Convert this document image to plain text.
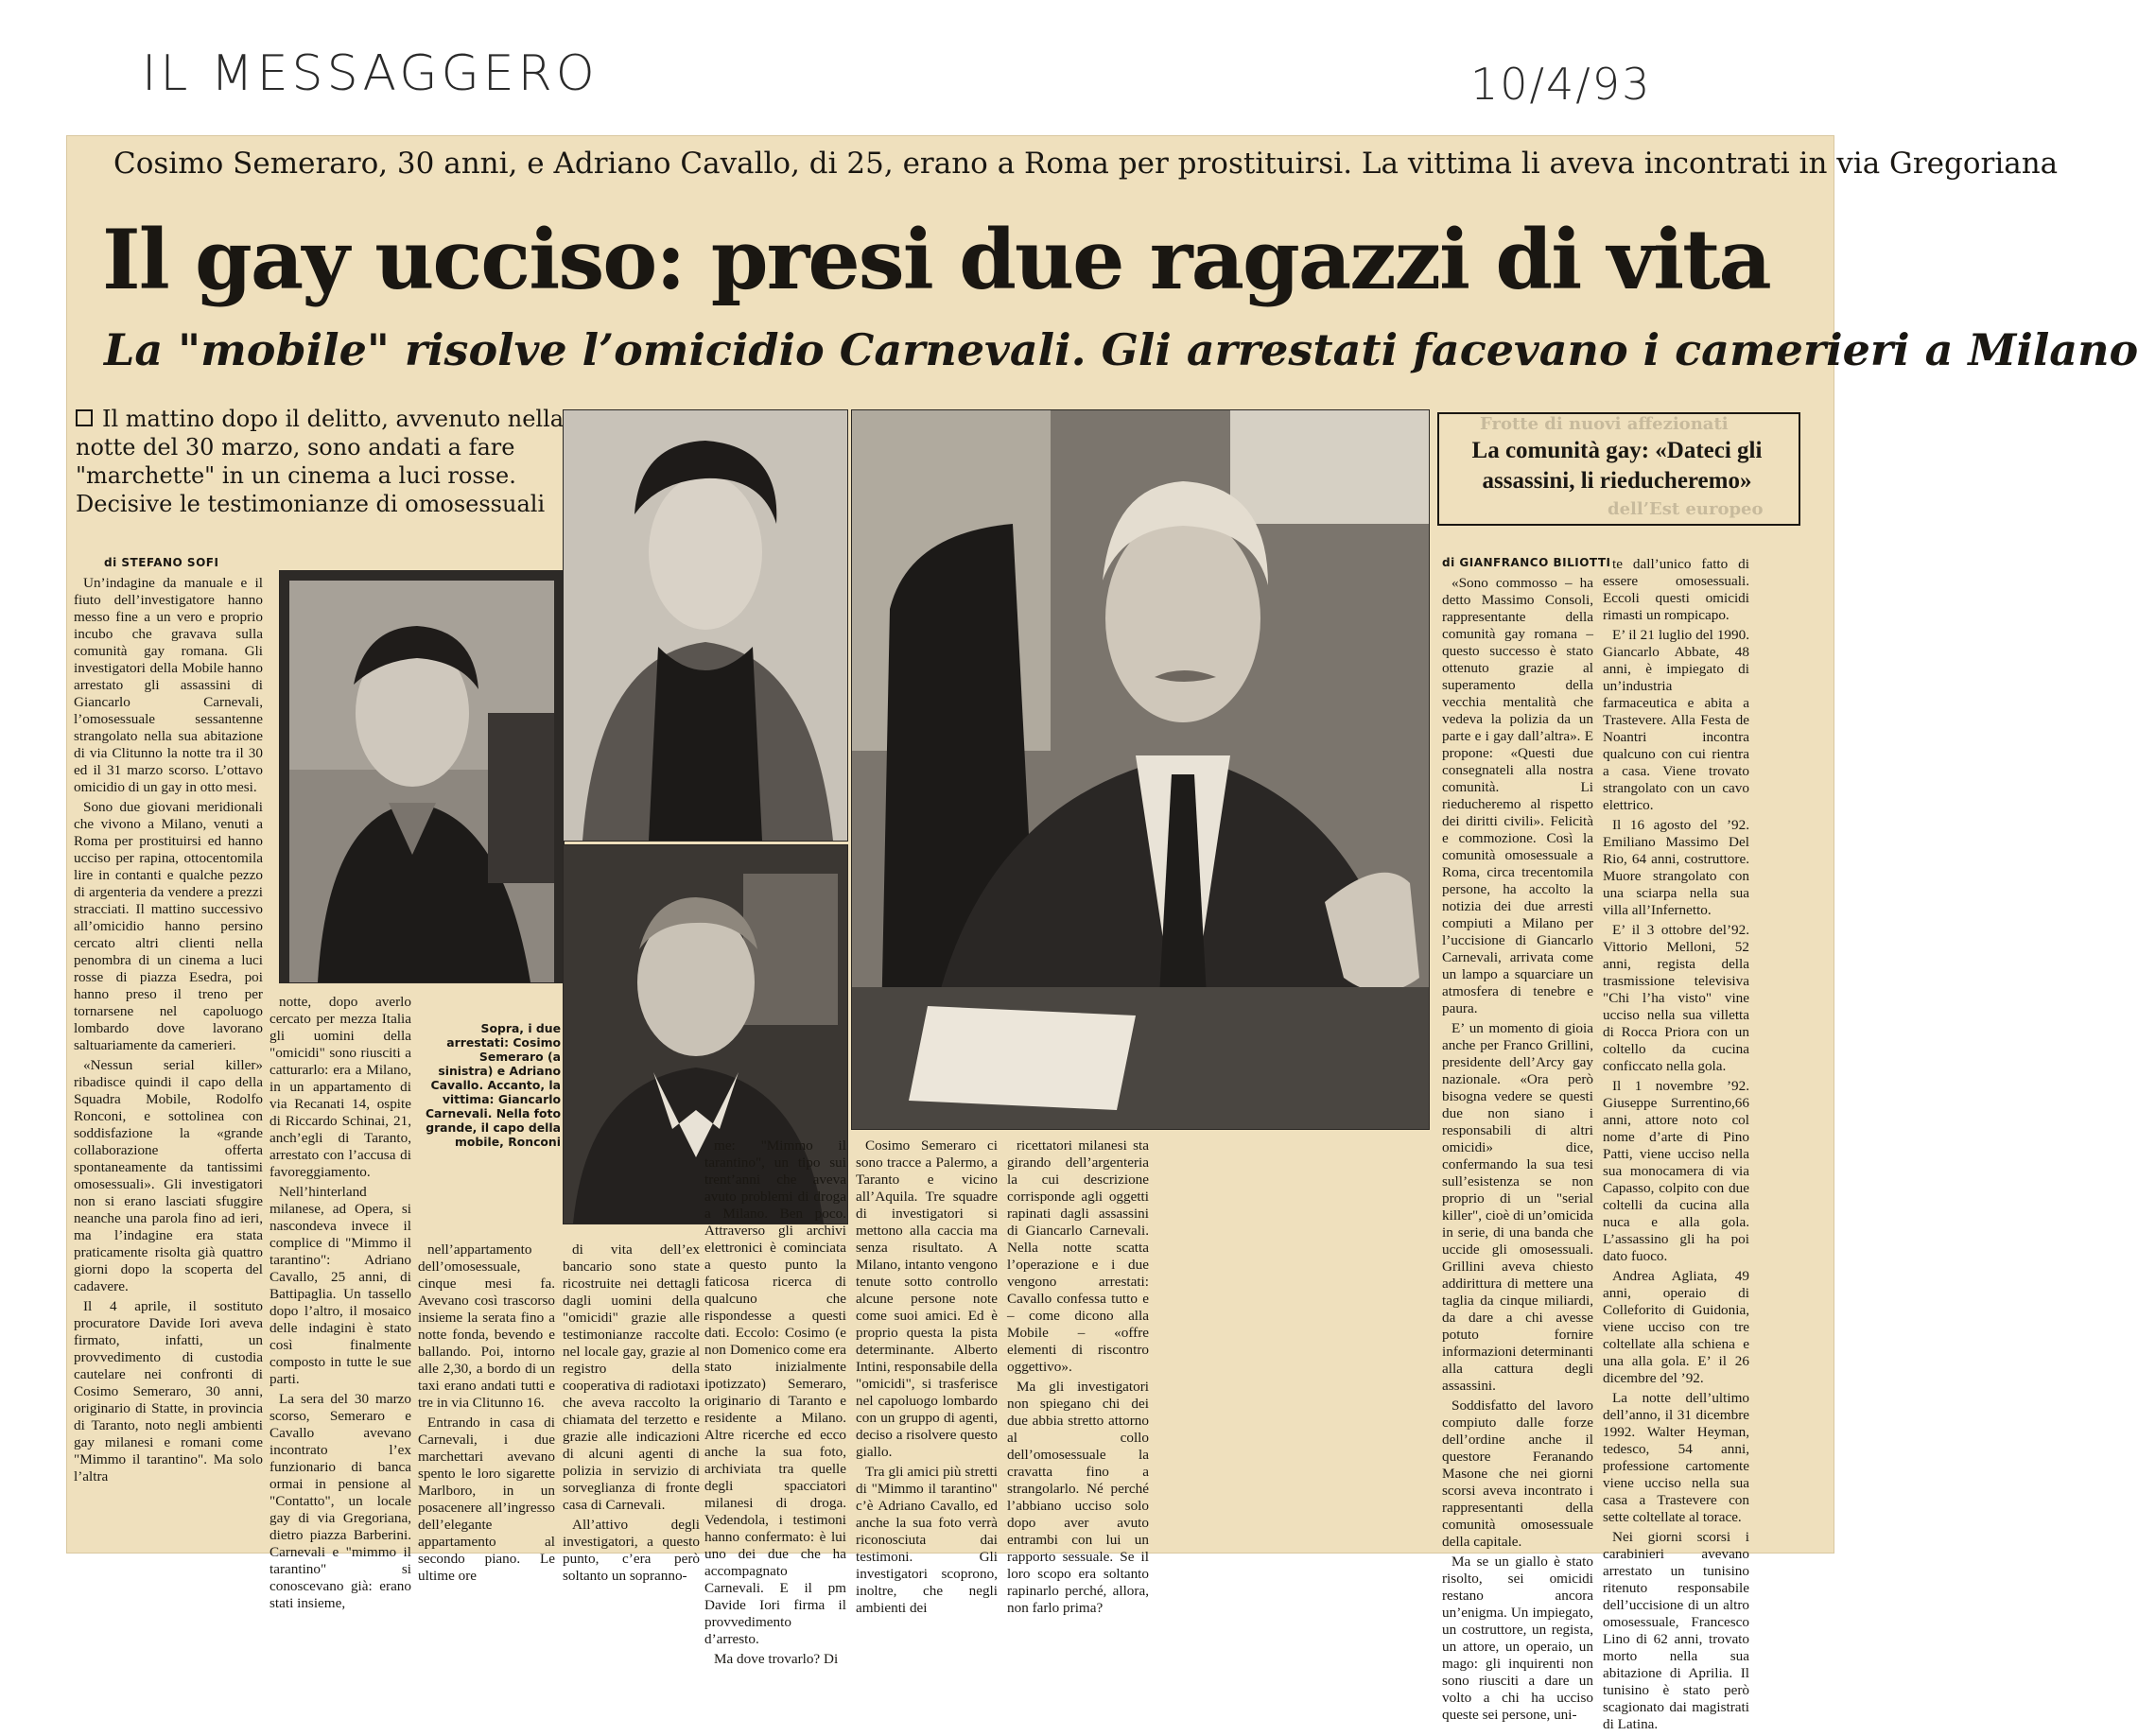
IL MESSAGGERO	10/4/93
Frotte di nuovi affezionati
dell’Est europeo
Cosimo Semeraro, 30 anni, e Adriano Cavallo, di 25, erano a Roma per prostituirsi. La vittima li aveva incontrati in via Gregoriana
Il gay ucciso: presi due ragazzi di vita
La "mobile" risolve l’omicidio Carnevali. Gli arrestati facevano i camerieri a Milano
Il mattino dopo il delitto, avvenuto nella notte del 30 marzo, sono andati a fare "marchette" in un cinema a luci rosse. Decisive le testimonianze di omosessuali
di STEFANO SOFI
Sopra, i due arrestati: Cosimo Semeraro (a sinistra) e Adriano Cavallo. Accanto, la vittima: Giancarlo Carnevali. Nella foto grande, il capo della mobile, Ronconi

Un’indagine da manuale e il fiuto dell’investigatore hanno messo fine a un vero e proprio incubo che gravava sulla comunità gay romana. Gli investigatori della Mobile hanno arrestato gli assassini di Giancarlo Carnevali, l’omosessuale sessantenne strangolato nella sua abitazione di via Clitunno la notte tra il 30 ed il 31 marzo scorso. L’ottavo omicidio di un gay in otto mesi.

Sono due giovani meridionali che vivono a Milano, venuti a Roma per prostituirsi ed hanno ucciso per rapina, ottocentomila lire in contanti e qualche pezzo di argenteria da vendere a prezzi stracciati. Il mattino successivo all’omicidio hanno persino cercato altri clienti nella penombra di un cinema a luci rosse di piazza Esedra, poi hanno preso il treno per tornarsene nel capoluogo lombardo dove lavorano saltuariamente da camerieri.

«Nessun serial killer» ribadisce quindi il capo della Squadra Mobile, Rodolfo Ronconi, e sottolinea con soddisfazione la «grande collaborazione offerta spontaneamente da tantissimi omosessuali». Gli investigatori non si erano lasciati sfuggire neanche una parola fino ad ieri, ma l’indagine era stata praticamente risolta già quattro giorni dopo la scoperta del cadavere.

Il 4 aprile, il sostituto procuratore Davide Iori aveva firmato, infatti, un provvedimento di custodia cautelare nei confronti di Cosimo Semeraro, 30 anni, originario di Statte, in provincia di Taranto, noto negli ambienti gay milanesi e romani come "Mimmo il tarantino". Ma solo l’altra

notte, dopo averlo cercato per mezza Italia gli uomini della "omicidi" sono riusciti a catturarlo: era a Milano, in un appartamento di via Recanati 14, ospite di Riccardo Schinai, 21, anch’egli di Taranto, arrestato con l’accusa di favoreggiamento.

Nell’hinterland milanese, ad Opera, si nascondeva invece il complice di "Mimmo il tarantino": Adriano Cavallo, 25 anni, di Battipaglia. Un tassello dopo l’altro, il mosaico delle indagini è stato così finalmente composto in tutte le sue parti.

La sera del 30 marzo scorso, Semeraro e Cavallo avevano incontrato l’ex funzionario di banca ormai in pensione al "Contatto", un locale gay di via Gregoriana, dietro piazza Barberini. Carnevali e "mimmo il tarantino" si conoscevano già: erano stati insieme,

nell’appartamento dell’omosessuale, cinque mesi fa. Avevano così trascorso insieme la serata fino a notte fonda, bevendo e ballando. Poi, intorno alle 2,30, a bordo di un taxi erano andati tutti e tre in via Clitunno 16.

Entrando in casa di Carnevali, i due marchettari avevano spento le loro sigarette Marlboro, in un posacenere all’ingresso dell’elegante appartamento al secondo piano. Le ultime ore

di vita dell’ex bancario sono state ricostruite nei dettagli dagli uomini della "omicidi" grazie alle testimonianze raccolte nel locale gay, grazie al registro della cooperativa di radiotaxi che aveva raccolto la chiamata del terzetto e grazie alle indicazioni di alcuni agenti di polizia in servizio di sorveglianza di fronte casa di Carnevali.

All’attivo degli investigatori, a questo punto, c’era però soltanto un sopranno-

me: "Mimmo il tarantino", un tipo sui trent’anni che aveva avuto problemi di droga a Milano. Ben poco. Attraverso gli archivi elettronici è cominciata a questo punto la faticosa ricerca di qualcuno che rispondesse a questi dati. Eccolo: Cosimo (e non Domenico come era stato inizialmente ipotizzato) Semeraro, originario di Taranto e residente a Milano. Altre ricerche ed ecco anche la sua foto, archiviata tra quelle degli spacciatori milanesi di droga. Vedendola, i testimoni hanno confermato: è lui uno dei due che ha accompagnato Carnevali. E il pm Davide Iori firma il provvedimento d’arresto.

Ma dove trovarlo? Di

Cosimo Semeraro ci sono tracce a Palermo, a Taranto e vicino all’Aquila. Tre squadre di investigatori si mettono alla caccia ma senza risultato. A Milano, intanto vengono tenute sotto controllo alcune persone note come suoi amici. Ed è proprio questa la pista determinante. Alberto Intini, responsabile della "omicidi", si trasferisce nel capoluogo lombardo con un gruppo di agenti, deciso a risolvere questo giallo.

Tra gli amici più stretti di "Mimmo il tarantino" c’è Adriano Cavallo, ed anche la sua foto verrà riconosciuta dai testimoni. Gli investigatori scoprono, inoltre, che negli ambienti dei

ricettatori milanesi sta girando dell’argenteria la cui descrizione corrisponde agli oggetti rapinati dagli assassini di Giancarlo Carnevali. Nella notte scatta l’operazione e i due vengono arrestati: Cavallo confessa tutto e – come dicono alla Mobile – «offre elementi di riscontro oggettivo».

Ma gli investigatori non spiegano chi dei due abbia stretto attorno al collo dell’omosessuale la cravatta fino a strangolarlo. Né perché l’abbiano ucciso solo dopo aver avuto entrambi con lui un rapporto sessuale. Se il loro scopo era soltanto rapinarlo perché, allora, non farlo prima?

La comunità gay: «Dateci gli assassini, li rieducheremo»
di GIANFRANCO BILIOTTI

«Sono commosso – ha detto Massimo Consoli, rappresentante della comunità gay romana – questo successo è stato ottenuto grazie al superamento della vecchia mentalità che vedeva la polizia da un parte e i gay dall’altra». E propone: «Questi due consegnateli alla nostra comunità. Li rieducheremo al rispetto dei diritti civili». Felicità e commozione. Così la comunità omosessuale a Roma, circa trecentomila persone, ha accolto la notizia dei due arresti compiuti a Milano per l’uccisione di Giancarlo Carnevali, arrivata come un lampo a squarciare un atmosfera di tenebre e paura.

E’ un momento di gioia anche per Franco Grillini, presidente dell’Arcy gay nazionale. «Ora però bisogna vedere se questi due non siano i responsabili di altri omicidi» dice, confermando la sua tesi sull’esistenza se non proprio di un "serial killer", cioè di un’omicida in serie, di una banda che uccide gli omosessuali. Grillini aveva chiesto addirittura di mettere una taglia da cinque miliardi, da dare a chi avesse potuto fornire informazioni determinanti alla cattura degli assassini.

Soddisfatto del lavoro compiuto dalle forze dell’ordine anche il questore Feranando Masone che nei giorni scorsi aveva incontrato i rappresentanti della comunità omosessuale della capitale.

Ma se un giallo è stato risolto, sei omicidi restano ancora un’enigma. Un impiegato, un costruttore, un regista, un attore, un operaio, un mago: gli inquirenti non sono riusciti a dare un volto a chi ha ucciso queste sei persone, uni-

te dall’unico fatto di essere omosessuali. Eccoli questi omicidi rimasti un rompicapo.

E’ il 21 luglio del 1990. Giancarlo Abbate, 48 anni, è impiegato di un’industria farmaceutica e abita a Trastevere. Alla Festa de Noantri incontra qualcuno con cui rientra a casa. Viene trovato strangolato con un cavo elettrico.

Il 16 agosto del ’92. Emiliano Massimo Del Rio, 64 anni, costruttore. Muore strangolato con una sciarpa nella sua villa all’Infernetto.

E’ il 3 ottobre del’92. Vittorio Melloni, 52 anni, regista della trasmissione televisiva "Chi l’ha visto" vine ucciso nella sua villetta di Rocca Priora con un coltello da cucina conficcato nella gola.

Il 1 novembre ’92. Giuseppe Surrentino,66 anni, attore noto col nome d’arte di Pino Patti, viene ucciso nella sua monocamera di via Capasso, colpito con due coltelli da cucina alla nuca e alla gola. L’assassino gli ha poi dato fuoco.

Andrea Agliata, 49 anni, operaio di Colleforito di Guidonia, viene ucciso con tre coltellate alla schiena e una alla gola. E’ il 26 dicembre del ’92.

La notte dell’ultimo dell’anno, il 31 dicembre 1992. Walter Heyman, tedesco, 54 anni, professione cartomente viene ucciso nella sua casa a Trastevere con sette coltellate al torace.

Nei giorni scorsi i carabinieri avevano arrestato un tunisino ritenuto responsabile dell’uccisione di un altro omosessuale, Francesco Lino di 62 anni, trovato morto nella sua abitazione di Aprilia. Il tunisino è stato però scagionato dai magistrati di Latina.
